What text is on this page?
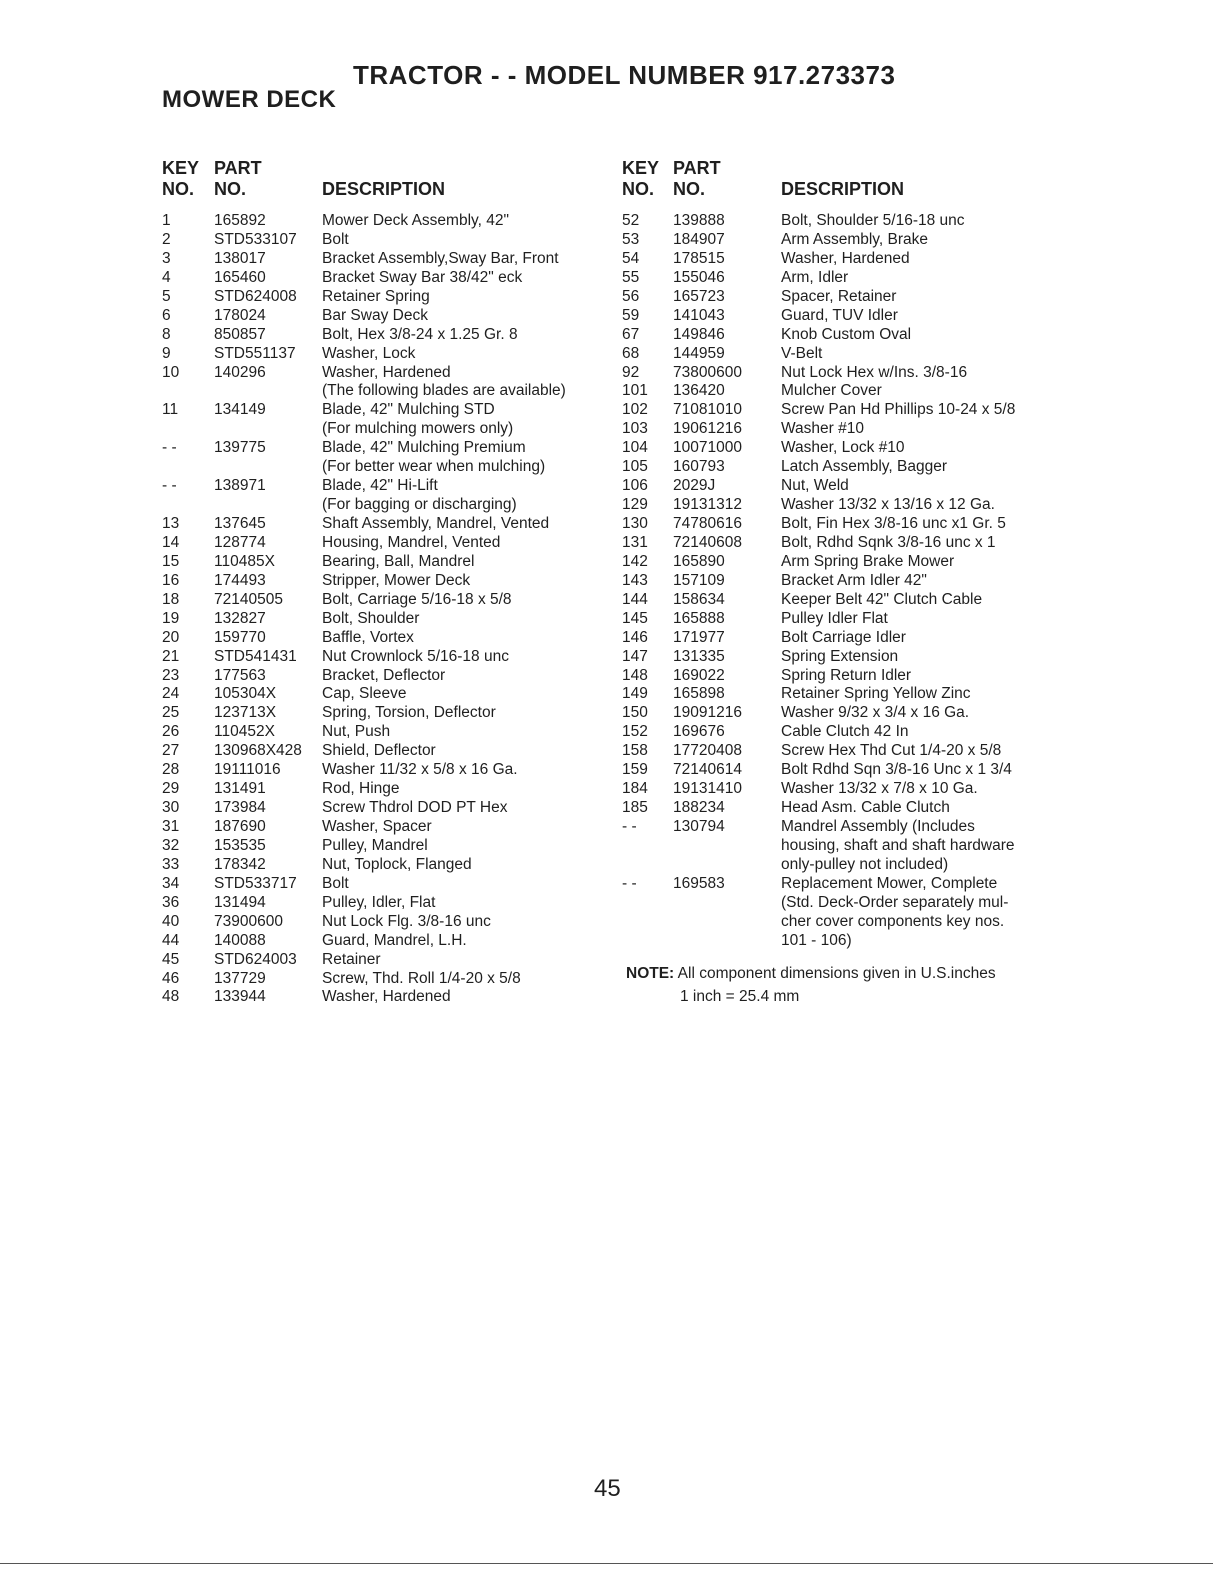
TRACTOR - - MODEL NUMBER 917.273373
MOWER DECK
KEY
NO.
PART
NO.	DESCRIPTION
KEY
NO.
PART
NO.	DESCRIPTION
1	165892	Mower Deck Assembly, 42"
2	STD533107 Bolt
3	138017	Bracket Assembly,Sway Bar, Front
4	165460	Bracket Sway Bar 38/42" eck
5	STD624008 Retainer Spring
6	178024	Bar Sway Deck
8	850857	Bolt, Hex 3/8-24 x 1.25 Gr. 8
9	STD551137 Washer, Lock
10 140296	Washer, Hardened
(The following blades are available)
11 134149	Blade, 42" Mulching STD
(For mulching mowers only)
- - 139775	Blade, 42" Mulching Premium
(For better wear when mulching)
- - 138971	Blade, 42" Hi-Lift
(For bagging or discharging)
13 137645	Shaft Assembly, Mandrel, Vented
14 128774	Housing, Mandrel, Vented
15 110485X	Bearing, Ball, Mandrel
16 174493	Stripper, Mower Deck
18 72140505	Bolt, Carriage 5/16-18 x 5/8
19 132827	Bolt, Shoulder
20 159770	Baffle, Vortex
21 STD541431 Nut Crownlock 5/16-18 unc
23 177563	Bracket, Deflector
24 105304X	Cap, Sleeve
25 123713X	Spring, Torsion, Deflector
26 110452X	Nut, Push
27 130968X428 Shield, Deflector
28 19111016	Washer 11/32 x 5/8 x 16 Ga.
29 131491	Rod, Hinge
30 173984	Screw Thdrol DOD PT Hex
31 187690	Washer, Spacer
32 153535	Pulley, Mandrel
33 178342	Nut, Toplock, Flanged
34 STD533717 Bolt
36 131494	Pulley, Idler, Flat
40 73900600	Nut Lock Flg. 3/8-16 unc
44 140088	Guard, Mandrel, L.H.
45 STD624003 Retainer
46 137729	Screw, Thd. Roll 1/4-20 x 5/8
48 133944	Washer, Hardened
52 139888	Bolt, Shoulder 5/16-18 unc
53 184907	Arm Assembly, Brake
54 178515	Washer, Hardened
55 155046	Arm, Idler
56 165723	Spacer, Retainer
59 141043	Guard, TUV Idler
67 149846	Knob Custom Oval
68 144959	V-Belt
92 73800600	Nut Lock Hex w/Ins. 3/8-16
101 136420	Mulcher Cover
102 71081010	Screw Pan Hd Phillips 10-24 x 5/8
103 19061216	Washer #10
104 10071000	Washer, Lock #10
105 160793	Latch Assembly, Bagger
106 2029J	Nut, Weld
129 19131312	Washer 13/32 x 13/16 x 12 Ga.
130 74780616	Bolt, Fin Hex 3/8-16 unc x1 Gr. 5
131 72140608	Bolt, Rdhd Sqnk 3/8-16 unc x 1
142 165890	Arm Spring Brake Mower
143 157109	Bracket Arm Idler 42"
144 158634	Keeper Belt 42" Clutch Cable
145 165888	Pulley Idler Flat
146 171977	Bolt Carriage Idler
147 131335	Spring Extension
148 169022	Spring Return Idler
149 165898	Retainer Spring Yellow Zinc
150 19091216	Washer 9/32 x 3/4 x 16 Ga.
152 169676	Cable Clutch 42 In
158 17720408	Screw Hex Thd Cut 1/4-20 x 5/8
159 72140614	Bolt Rdhd Sqn 3/8-16 Unc x 1 3/4
184 19131410	Washer 13/32 x 7/8 x 10 Ga.
185 188234	Head Asm. Cable Clutch
- - 130794	Mandrel Assembly (Includes
housing, shaft and shaft hardware
only-pulley not included)
- - 169583	Replacement Mower, Complete
(Std. Deck-Order separately mul-
cher cover components key nos.
101 - 106)
NOTE: All component dimensions given in U.S.inches
1 inch = 25.4 mm
45
